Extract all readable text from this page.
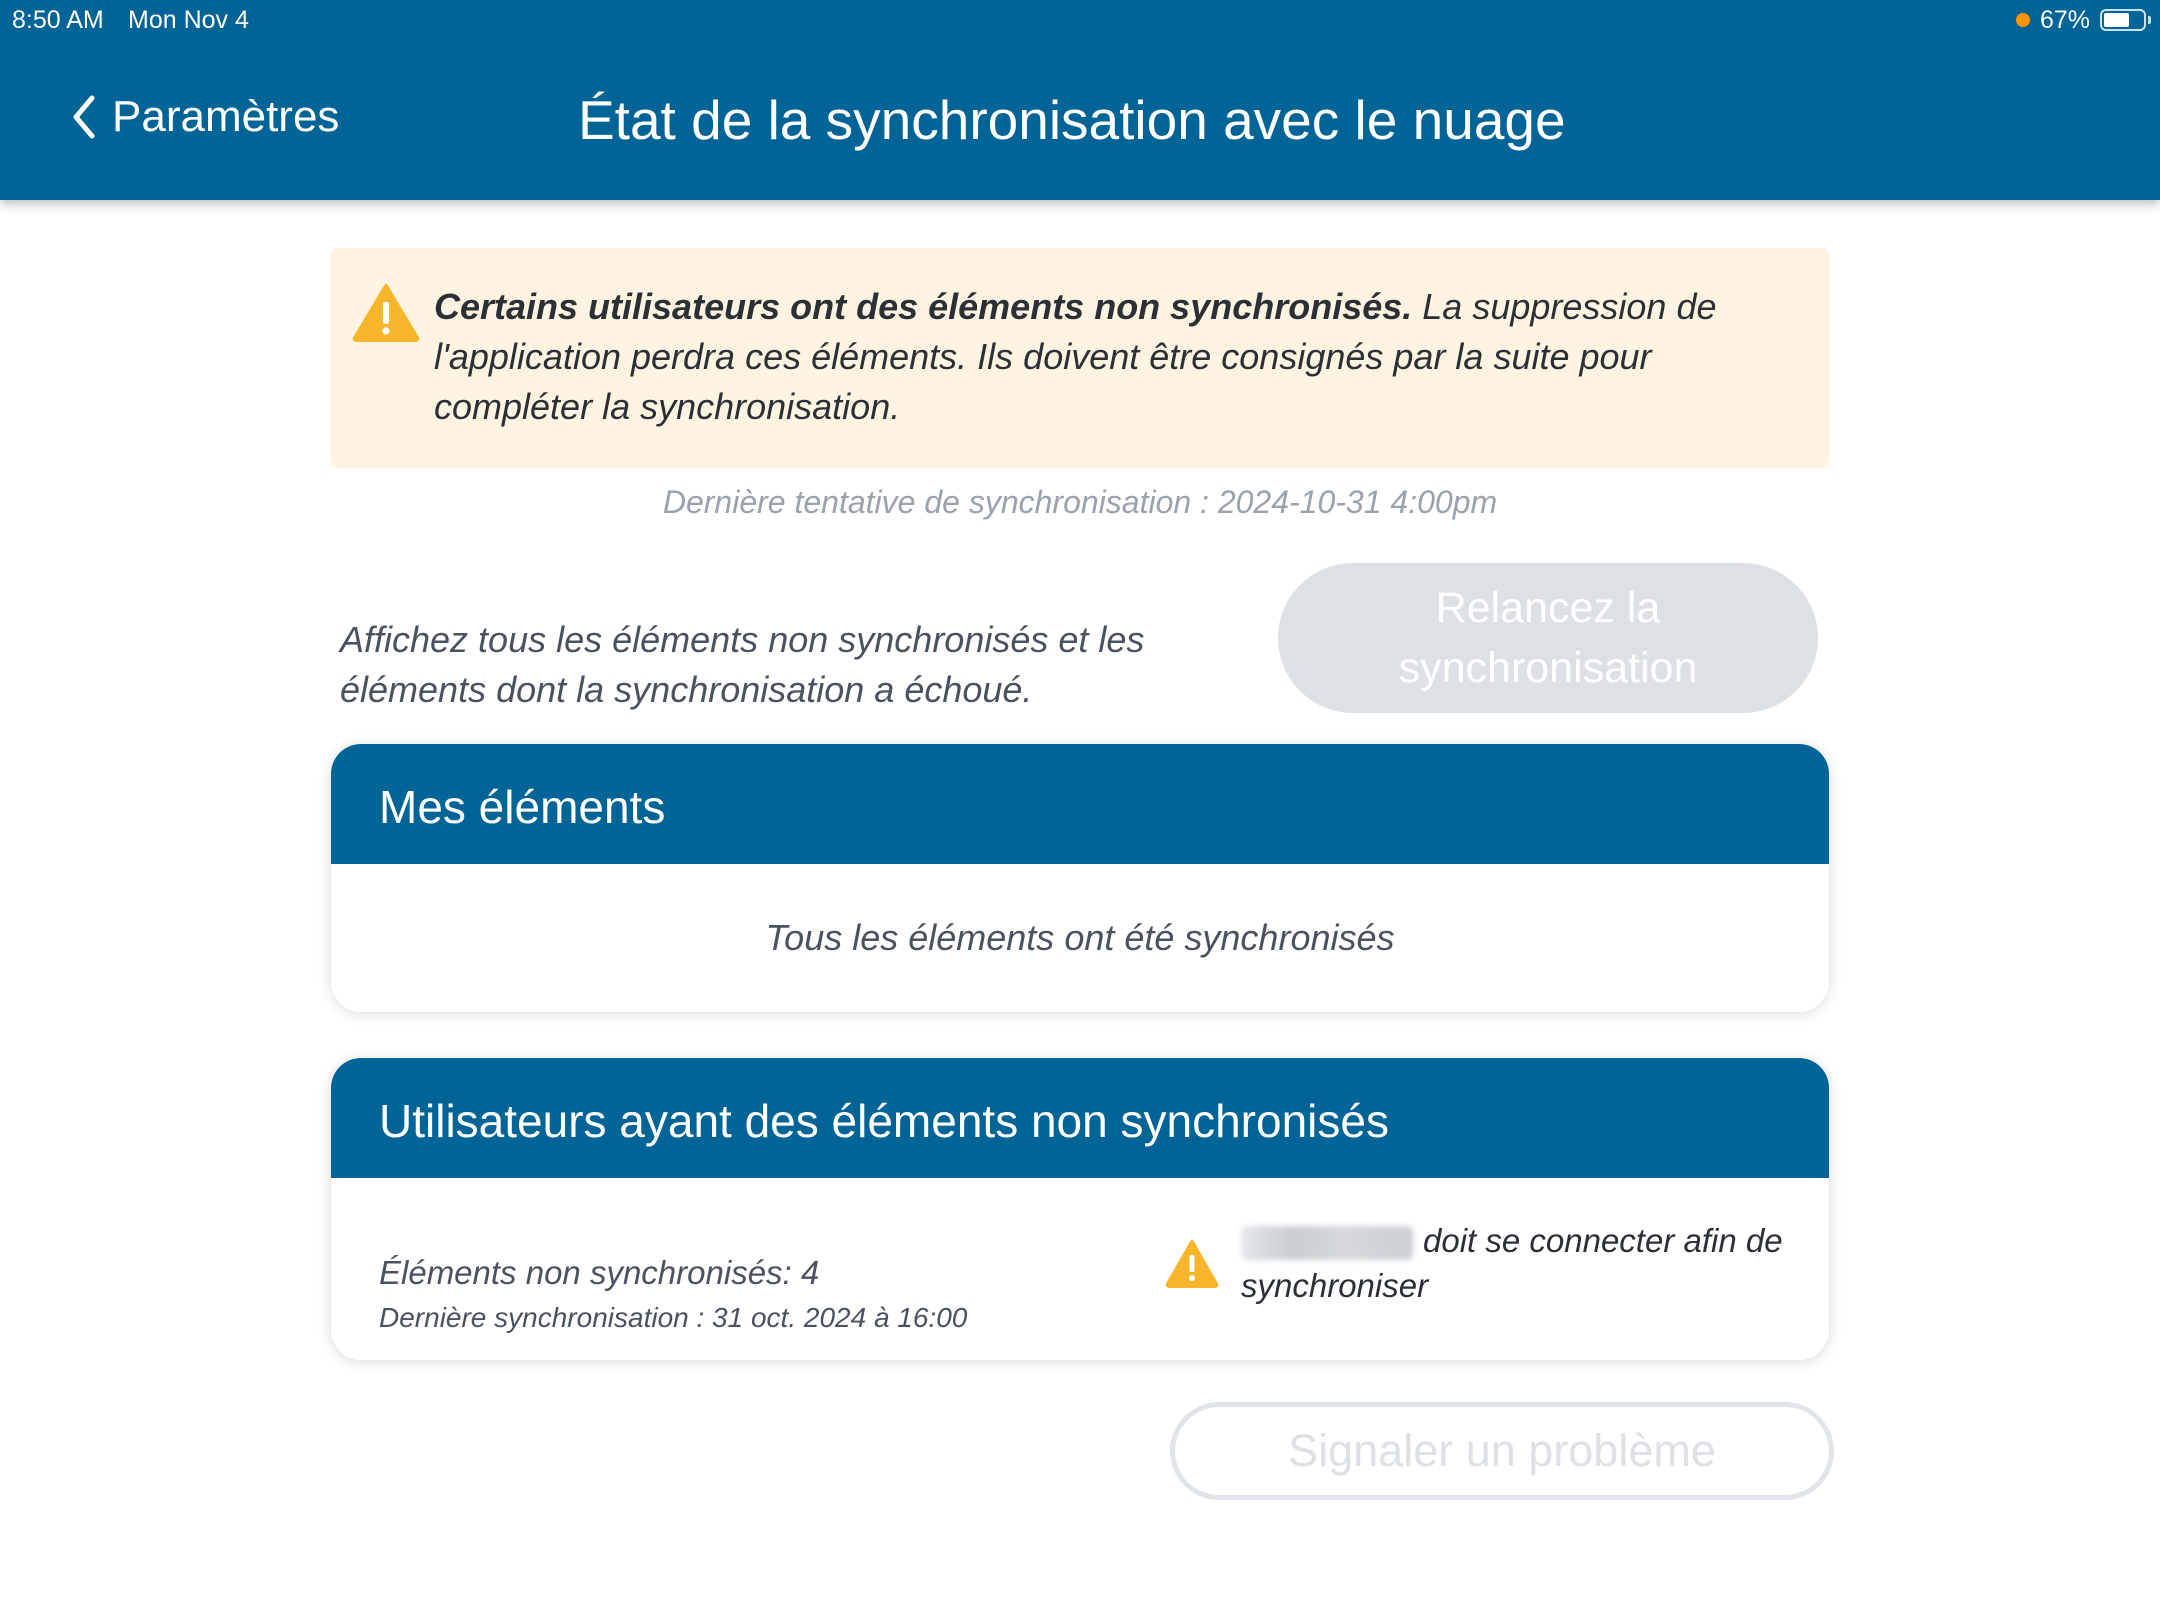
8:50 AM Mon Nov 4	67%
Paramètres	État de la synchronisation avec le nuage
Certains utilisateurs ont des éléments non synchronisés. La suppression de l'application perdra ces éléments. Ils doivent être consignés par la suite pour compléter la synchronisation.
Dernière tentative de synchronisation : 2024-10-31 4:00pm
Affichez tous les éléments non synchronisés et les éléments dont la synchronisation a échoué.
Relancez la synchronisation
Mes éléments
Tous les éléments ont été synchronisés
Utilisateurs ayant des éléments non synchronisés
Éléments non synchronisés: 4
Dernière synchronisation : 31 oct. 2024 à 16:00
doit se connecter afin de synchroniser
Signaler un problème
